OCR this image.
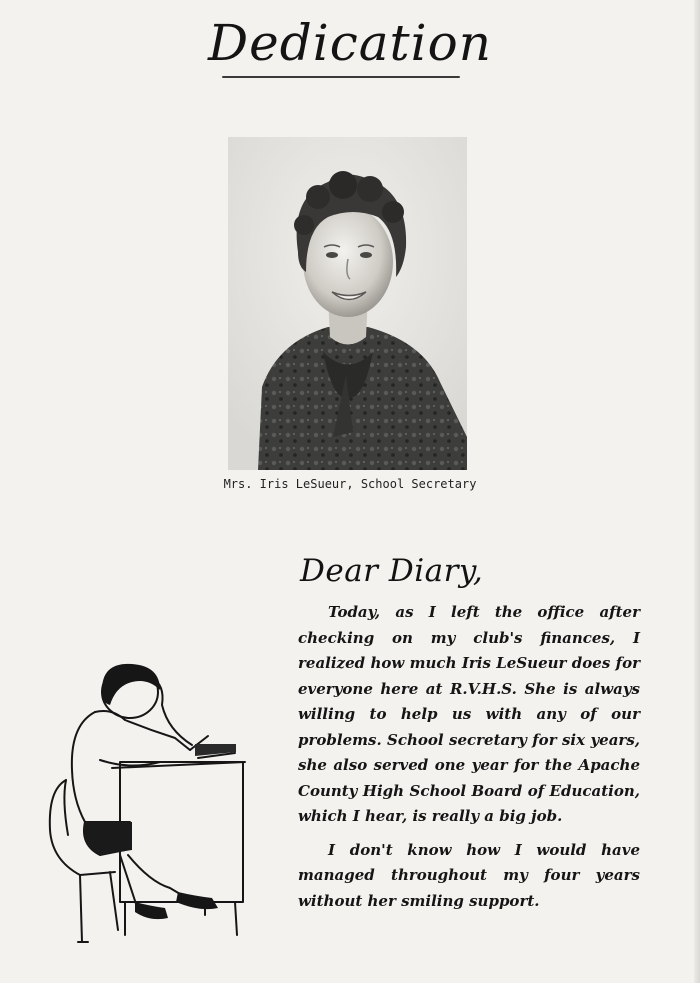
Dedication
Mrs. Iris LeSueur, School Secretary
Dear Diary,

Today, as I left the office after checking on my club's finances, I realized how much Iris LeSueur does for everyone here at R.V.H.S. She is always willing to help us with any of our problems. School secretary for six years, she also served one year for the Apache County High School Board of Education, which I hear, is really a big job.

I don't know how I would have managed throughout my four years without her smiling support.
